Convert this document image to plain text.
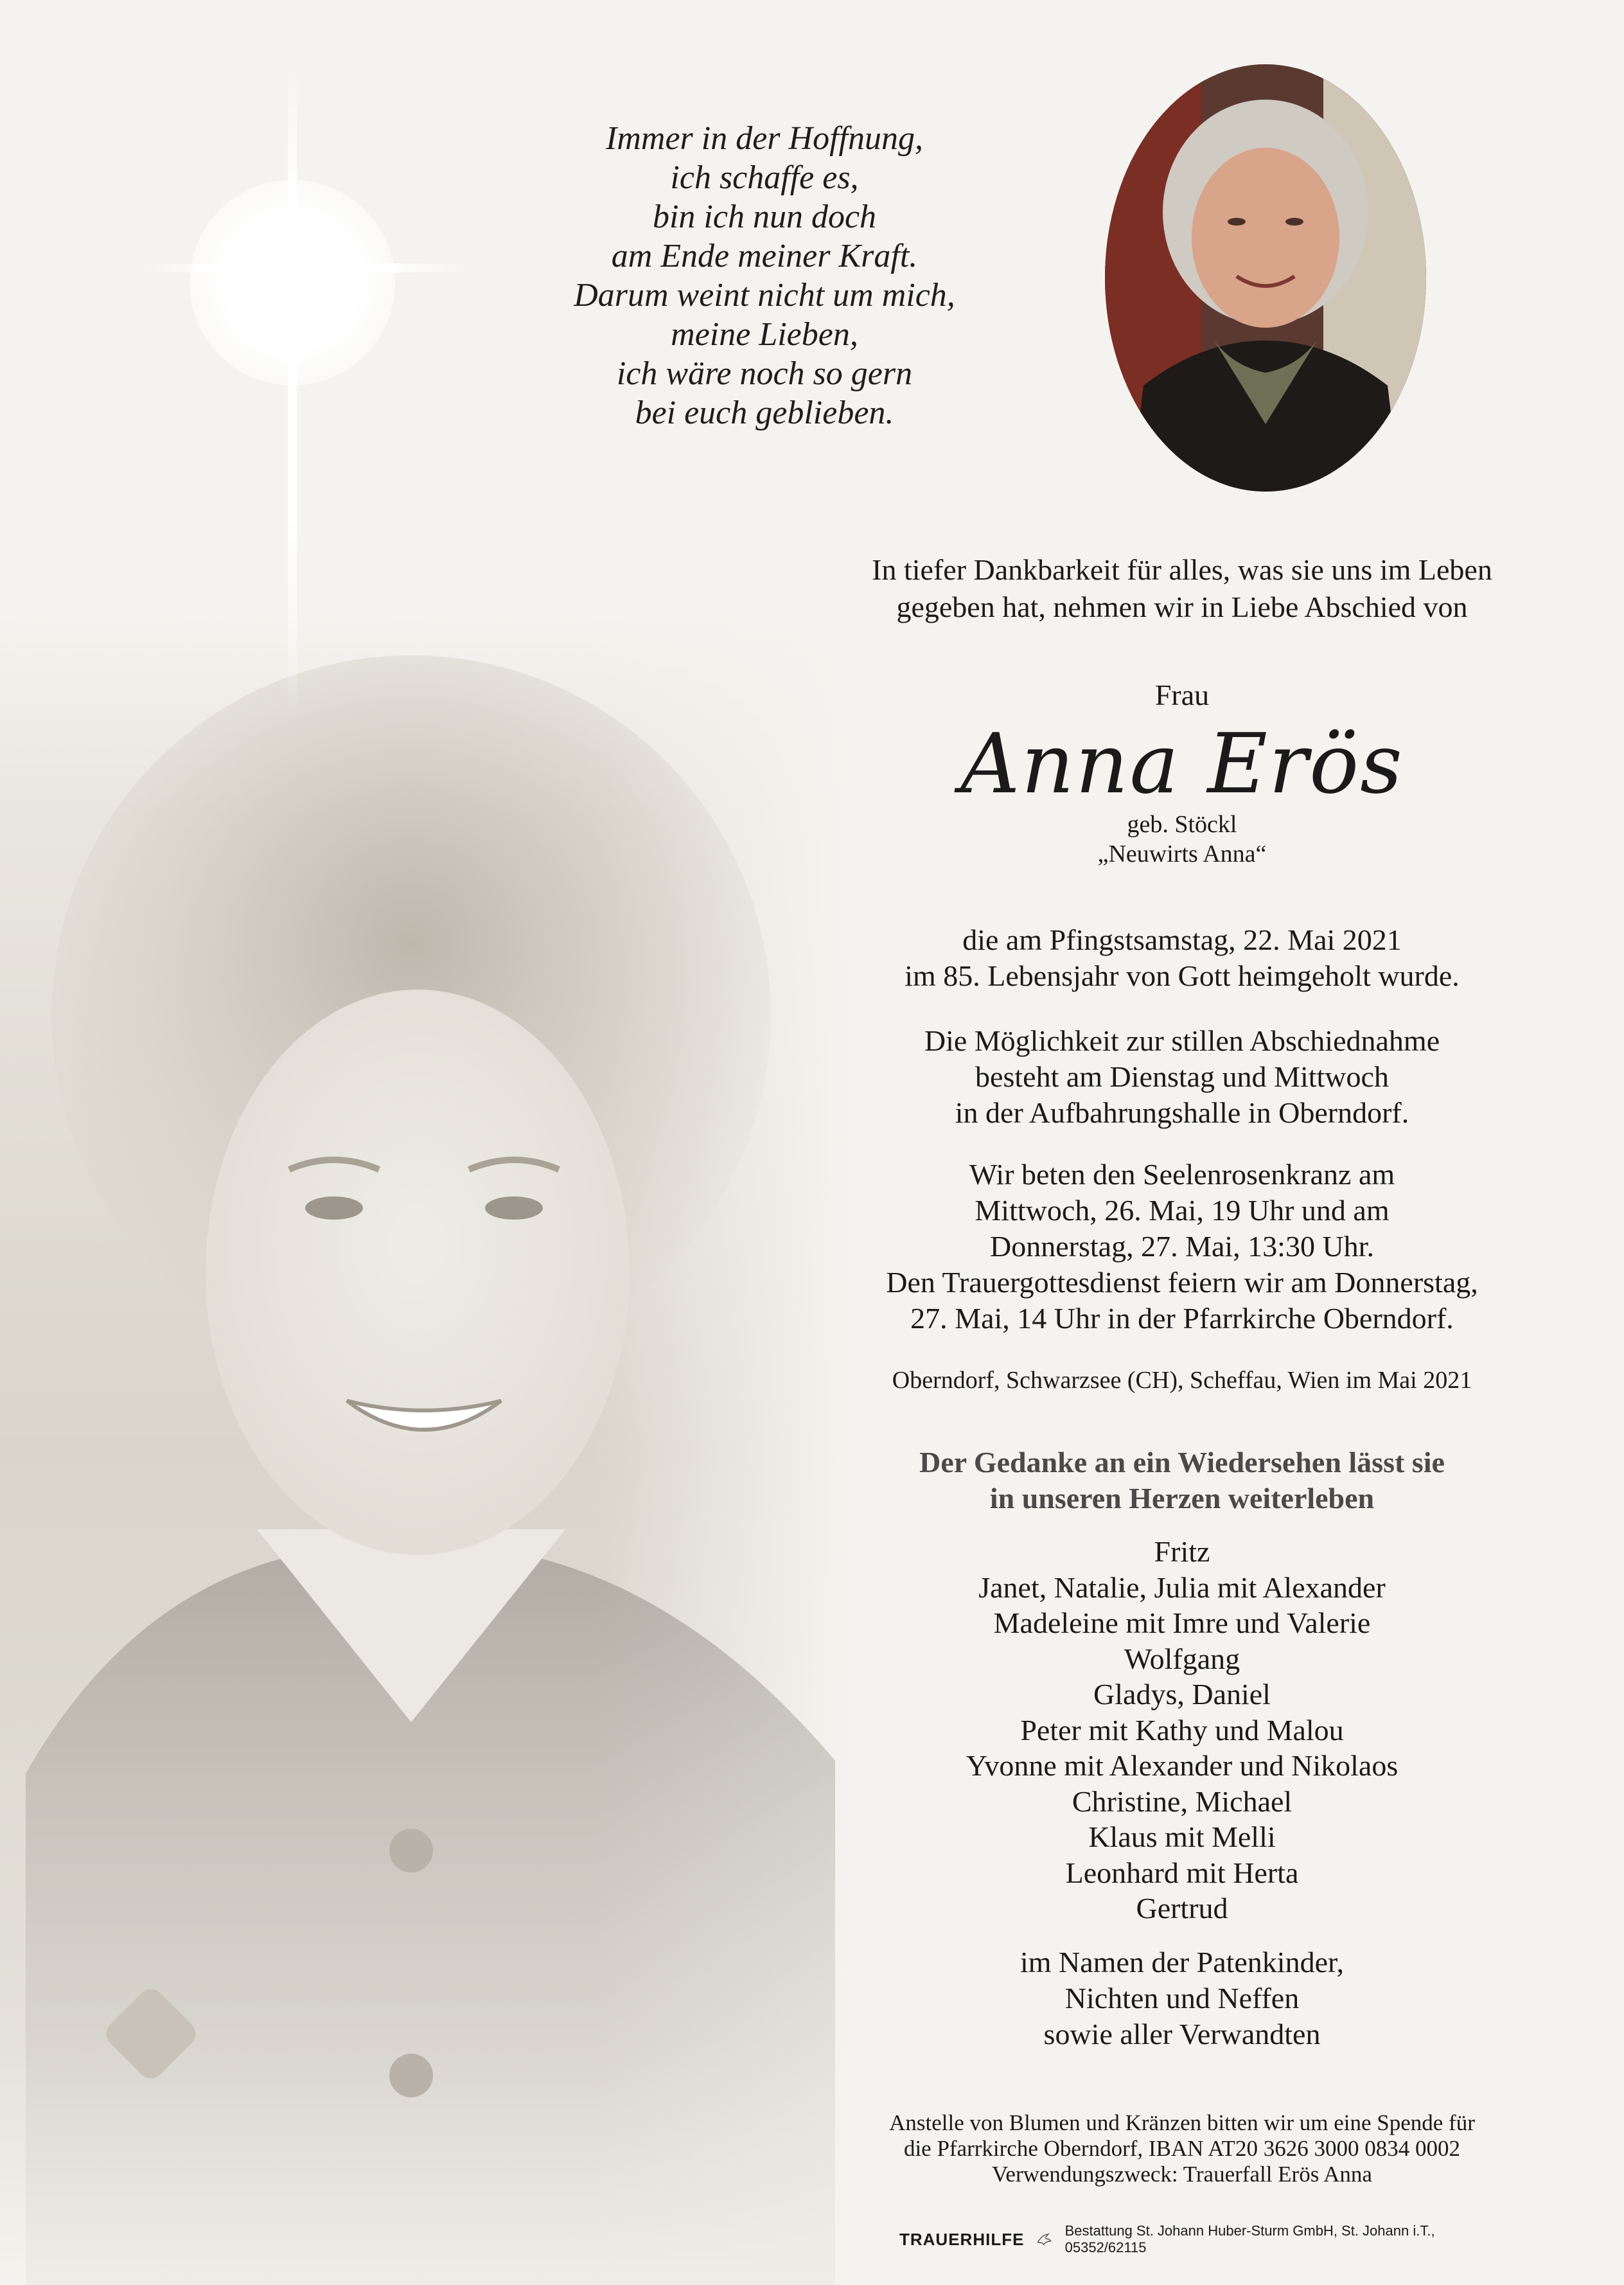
Immer in der Hoffnung,
ich schaffe es,
bin ich nun doch
am Ende meiner Kraft.
Darum weint nicht um mich,
meine Lieben,
ich wäre noch so gern
bei euch geblieben.
In tiefer Dankbarkeit für alles, was sie uns im Leben
gegeben hat, nehmen wir in Liebe Abschied von
Frau
Anna Erös
geb. Stöckl
„Neuwirts Anna“
die am Pfingstsamstag, 22. Mai 2021
im 85. Lebensjahr von Gott heimgeholt wurde.
Die Möglichkeit zur stillen Abschiednahme
besteht am Dienstag und Mittwoch
in der Aufbahrungshalle in Oberndorf.
Wir beten den Seelenrosenkranz am
Mittwoch, 26. Mai, 19 Uhr und am
Donnerstag, 27. Mai, 13:30 Uhr.
Den Trauergottesdienst feiern wir am Donnerstag,
27. Mai, 14 Uhr in der Pfarrkirche Oberndorf.
Oberndorf, Schwarzsee (CH), Scheffau, Wien im Mai 2021
Der Gedanke an ein Wiedersehen lässt sie
in unseren Herzen weiterleben
Fritz
Janet, Natalie, Julia mit Alexander
Madeleine mit Imre und Valerie
Wolfgang
Gladys, Daniel
Peter mit Kathy und Malou
Yvonne mit Alexander und Nikolaos
Christine, Michael
Klaus mit Melli
Leonhard mit Herta
Gertrud
im Namen der Patenkinder,
Nichten und Neffen
sowie aller Verwandten
Anstelle von Blumen und Kränzen bitten wir um eine Spende für
die Pfarrkirche Oberndorf, IBAN AT20 3626 3000 0834 0002
Verwendungszweck: Trauerfall Erös Anna
TRAUERHILFE	Bestattung St. Johann Huber-Sturm GmbH, St. Johann i.T., 05352/62115
